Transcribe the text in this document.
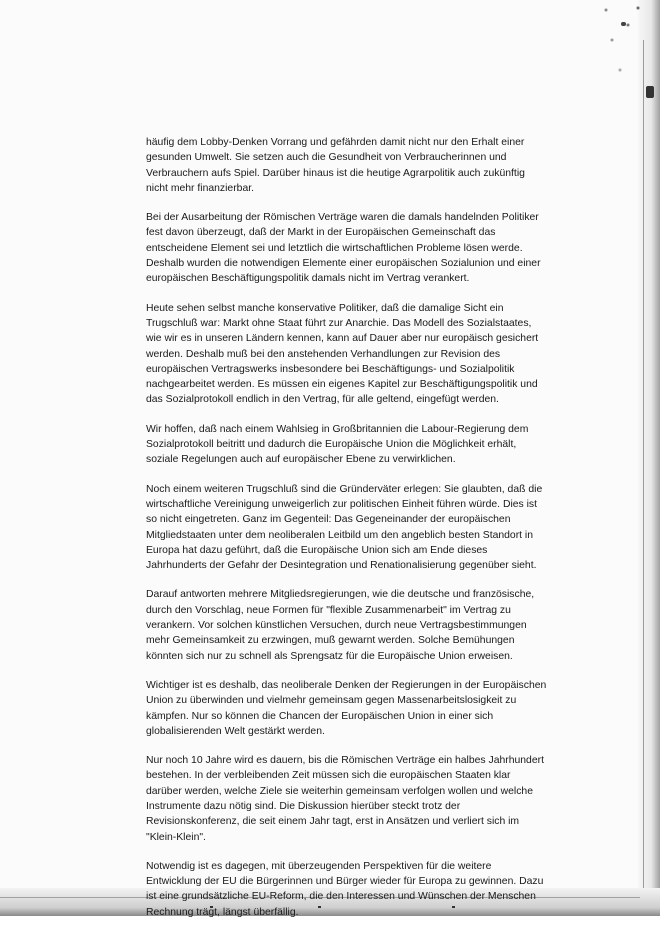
häufig dem Lobby-Denken Vorrang und gefährden damit nicht nur den Erhalt einer
gesunden Umwelt. Sie setzen auch die Gesundheit von Verbraucherinnen und
Verbrauchern aufs Spiel. Darüber hinaus ist die heutige Agrarpolitik auch zukünftig
nicht mehr finanzierbar.

Bei der Ausarbeitung der Römischen Verträge waren die damals handelnden Politiker
fest davon überzeugt, daß der Markt in der Europäischen Gemeinschaft das
entscheidene Element sei und letztlich die wirtschaftlichen Probleme lösen werde.
Deshalb wurden die notwendigen Elemente einer europäischen Sozialunion und einer
europäischen Beschäftigungspolitik damals nicht im Vertrag verankert.

Heute sehen selbst manche konservative Politiker, daß die damalige Sicht ein
Trugschluß war: Markt ohne Staat führt zur Anarchie. Das Modell des Sozialstaates,
wie wir es in unseren Ländern kennen, kann auf Dauer aber nur europäisch gesichert
werden. Deshalb muß bei den anstehenden Verhandlungen zur Revision des
europäischen Vertragswerks insbesondere bei Beschäftigungs- und Sozialpolitik
nachgearbeitet werden. Es müssen ein eigenes Kapitel zur Beschäftigungspolitik und
das Sozialprotokoll endlich in den Vertrag, für alle geltend, eingefügt werden.

Wir hoffen, daß nach einem Wahlsieg in Großbritannien die Labour-Regierung dem
Sozialprotokoll beitritt und dadurch die Europäische Union die Möglichkeit erhält,
soziale Regelungen auch auf europäischer Ebene zu verwirklichen.

Noch einem weiteren Trugschluß sind die Gründerväter erlegen: Sie glaubten, daß die
wirtschaftliche Vereinigung unweigerlich zur politischen Einheit führen würde. Dies ist
so nicht eingetreten. Ganz im Gegenteil: Das Gegeneinander der europäischen
Mitgliedstaaten unter dem neoliberalen Leitbild um den angeblich besten Standort in
Europa hat dazu geführt, daß die Europäische Union sich am Ende dieses
Jahrhunderts der Gefahr der Desintegration und Renationalisierung gegenüber sieht.

Darauf antworten mehrere Mitgliedsregierungen, wie die deutsche und französische,
durch den Vorschlag, neue Formen für "flexible Zusammenarbeit" im Vertrag zu
verankern. Vor solchen künstlichen Versuchen, durch neue Vertragsbestimmungen
mehr Gemeinsamkeit zu erzwingen, muß gewarnt werden. Solche Bemühungen
könnten sich nur zu schnell als Sprengsatz für die Europäische Union erweisen.

Wichtiger ist es deshalb, das neoliberale Denken der Regierungen in der Europäischen
Union zu überwinden und vielmehr gemeinsam gegen Massenarbeitslosigkeit zu
kämpfen. Nur so können die Chancen der Europäischen Union in einer sich
globalisierenden Welt gestärkt werden.

Nur noch 10 Jahre wird es dauern, bis die Römischen Verträge ein halbes Jahrhundert
bestehen. In der verbleibenden Zeit müssen sich die europäischen Staaten klar
darüber werden, welche Ziele sie weiterhin gemeinsam verfolgen wollen und welche
Instrumente dazu nötig sind. Die Diskussion hierüber steckt trotz der
Revisionskonferenz, die seit einem Jahr tagt, erst in Ansätzen und verliert sich im
"Klein-Klein".

Notwendig ist es dagegen, mit überzeugenden Perspektiven für die weitere
Entwicklung der EU die Bürgerinnen und Bürger wieder für Europa zu gewinnen. Dazu
ist eine grundsätzliche EU-Reform, die den Interessen und Wünschen der Menschen
Rechnung trägt, längst überfällig.
